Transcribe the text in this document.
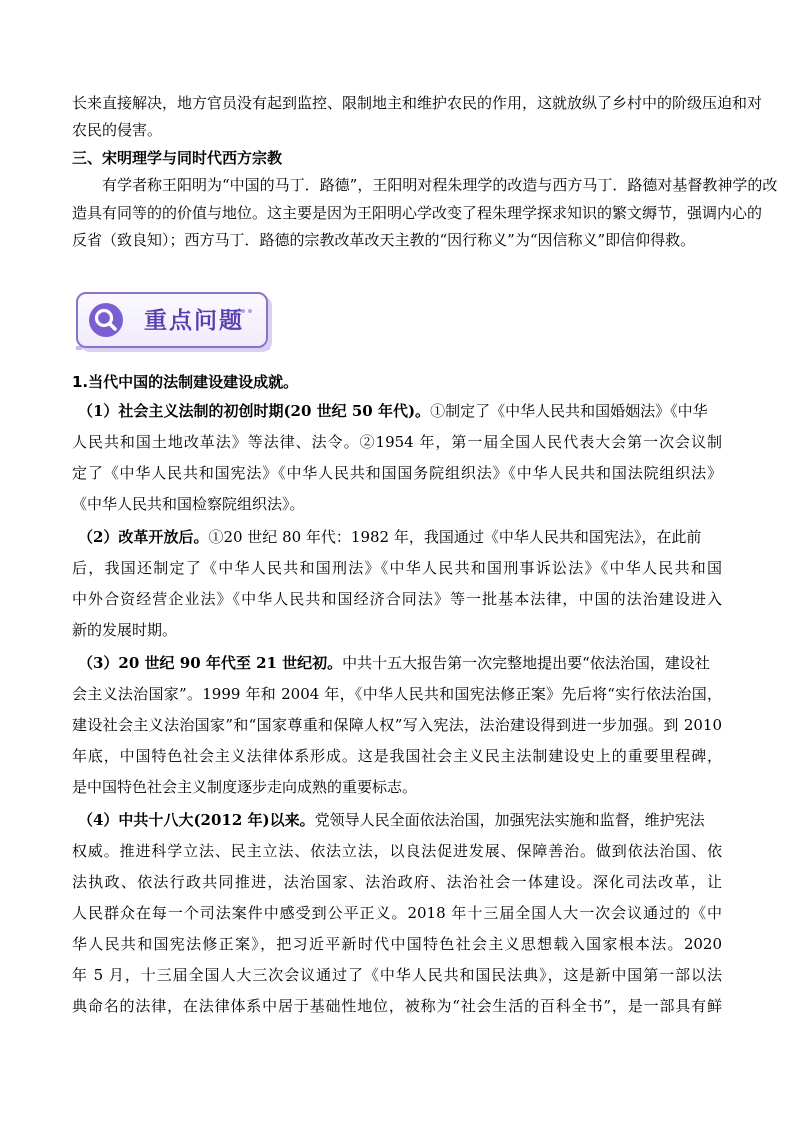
长来直接解决，地方官员没有起到监控、限制地主和维护农民的作用，这就放纵了乡村中的阶级压迫和对
农民的侵害。
三、宋明理学与同时代西方宗教
有学者称王阳明为“中国的马丁．路德”，王阳明对程朱理学的改造与西方马丁．路德对基督教神学的改
造具有同等的的价值与地位。这主要是因为王阳明心学改变了程朱理学探求知识的繁文缛节，强调内心的
反省（致良知）；西方马丁．路德的宗教改革改天主教的“因行称义”为“因信称义”即信仰得救。
1.当代中国的法制建设建设成就。
（1）社会主义法制的初创时期(20 世纪 50 年代)。①制定了《中华人民共和国婚姻法》《中华
人民共和国土地改革法》等法律、法令。②1954 年，第一届全国人民代表大会第一次会议制
定了《中华人民共和国宪法》《中华人民共和国国务院组织法》《中华人民共和国法院组织法》
《中华人民共和国检察院组织法》。
（2）改革开放后。①20 世纪 80 年代：1982 年，我国通过《中华人民共和国宪法》，在此前
后，我国还制定了《中华人民共和国刑法》《中华人民共和国刑事诉讼法》《中华人民共和国
中外合资经营企业法》《中华人民共和国经济合同法》等一批基本法律，中国的法治建设进入
新的发展时期。
（3）20 世纪 90 年代至 21 世纪初。中共十五大报告第一次完整地提出要“依法治国，建设社
会主义法治国家”。1999 年和 2004 年，《中华人民共和国宪法修正案》先后将“实行依法治国，
建设社会主义法治国家”和“国家尊重和保障人权”写入宪法，法治建设得到进一步加强。到 2010
年底，中国特色社会主义法律体系形成。这是我国社会主义民主法制建设史上的重要里程碑，
是中国特色社会主义制度逐步走向成熟的重要标志。
（4）中共十八大(2012 年)以来。党领导人民全面依法治国，加强宪法实施和监督，维护宪法
权威。推进科学立法、民主立法、依法立法，以良法促进发展、保障善治。做到依法治国、依
法执政、依法行政共同推进，法治国家、法治政府、法治社会一体建设。深化司法改革，让
人民群众在每一个司法案件中感受到公平正义。2018 年十三届全国人大一次会议通过的《中
华人民共和国宪法修正案》，把习近平新时代中国特色社会主义思想载入国家根本法。2020
年 5 月，十三届全国人大三次会议通过了《中华人民共和国民法典》，这是新中国第一部以法
典命名的法律，在法律体系中居于基础性地位，被称为“社会生活的百科全书”，是一部具有鲜
重点问题
